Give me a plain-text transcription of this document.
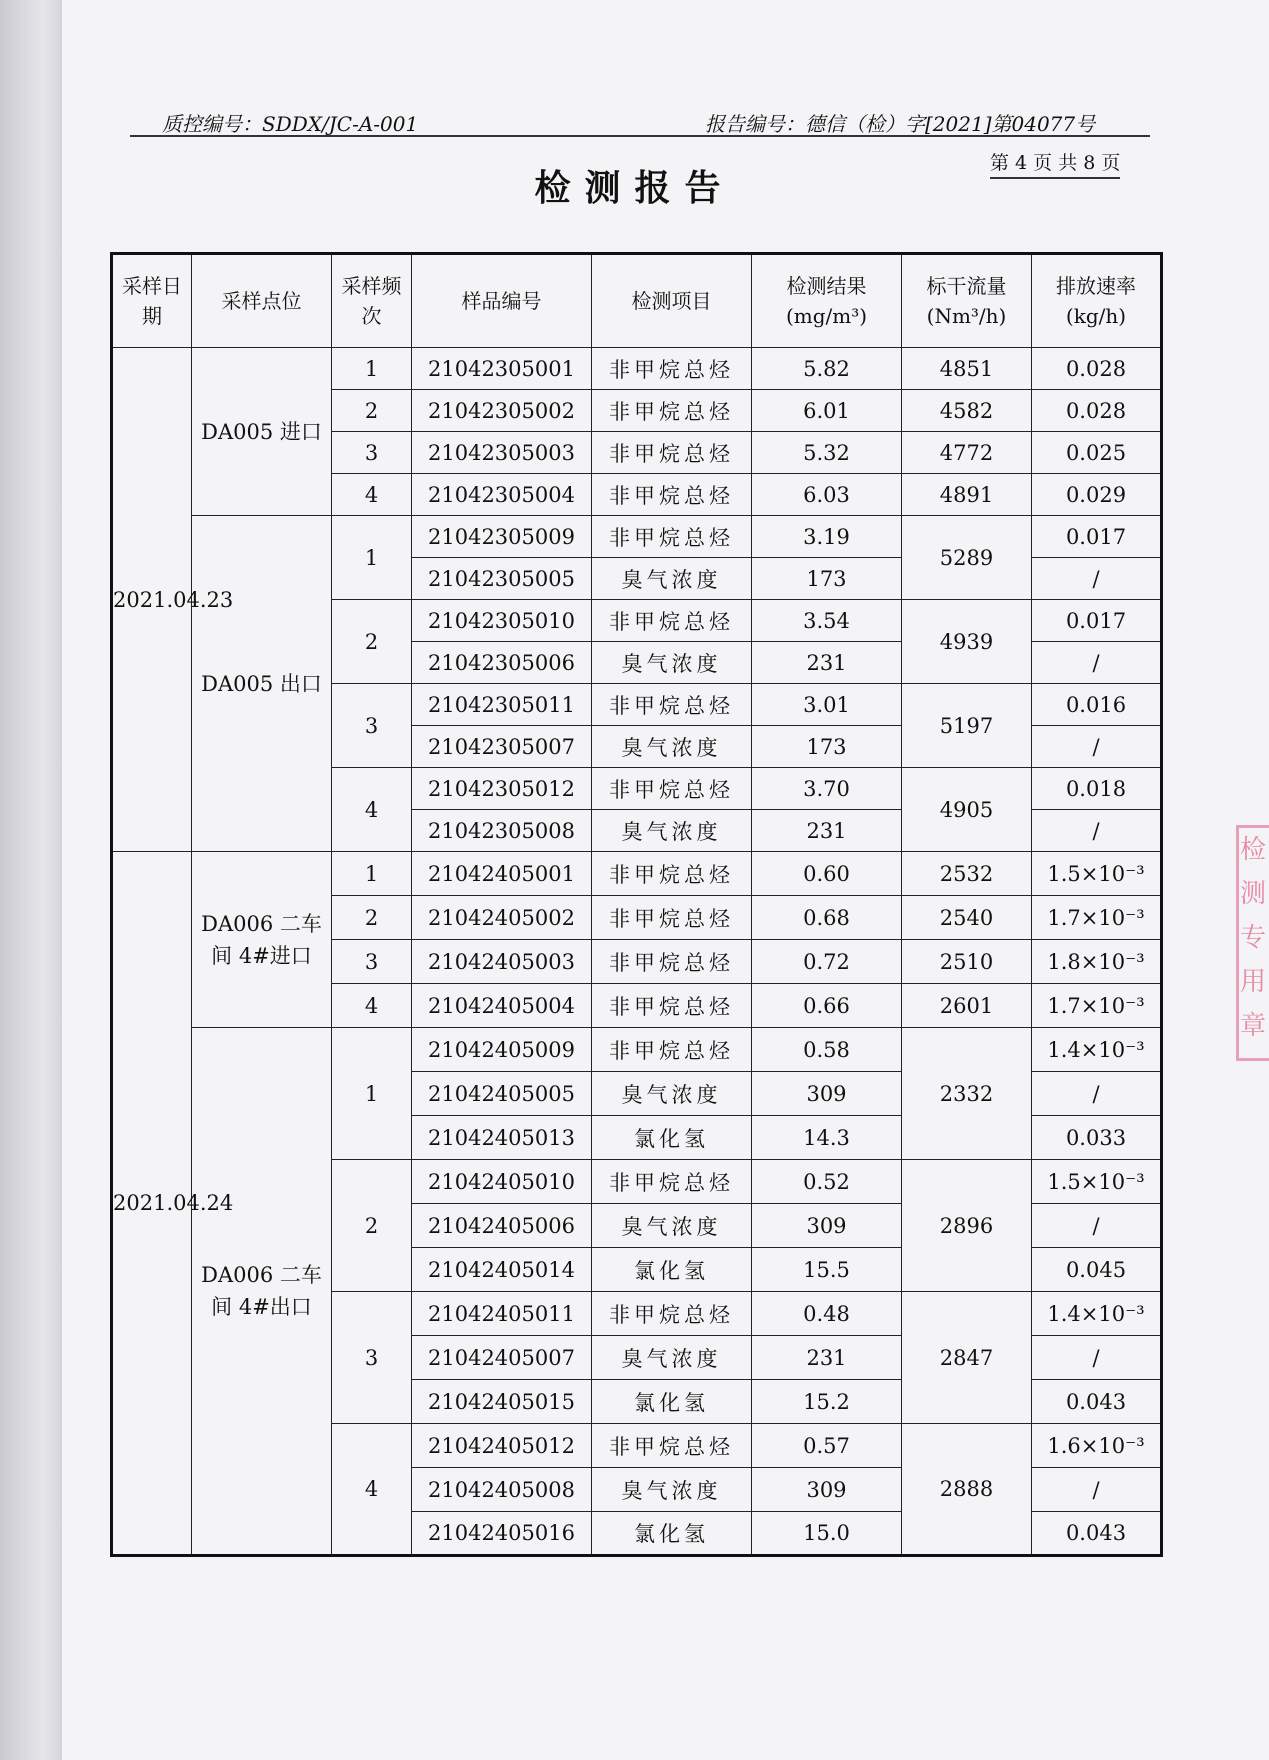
质控编号：SDDX/JC-A-001	报告编号：德信（检）字[2021]第04077号
第 4 页 共 8 页
检测报告
采样日期	采样点位	采样频次	样品编号	检测项目	检测结果(mg/m³)	标干流量(Nm³/h)	排放速率(kg/h)
2021.04.23	DA005 进口	1	21042305001	非甲烷总烃	5.82	4851	0.028
		2	21042305002	非甲烷总烃	6.01	4582	0.028
		3	21042305003	非甲烷总烃	5.32	4772	0.025
		4	21042305004	非甲烷总烃	6.03	4891	0.029
	DA005 出口	1	21042305009	非甲烷总烃	3.19	5289	0.017
			21042305005	臭气浓度	173		/
		2	21042305010	非甲烷总烃	3.54	4939	0.017
			21042305006	臭气浓度	231		/
		3	21042305011	非甲烷总烃	3.01	5197	0.016
			21042305007	臭气浓度	173		/
		4	21042305012	非甲烷总烃	3.70	4905	0.018
			21042305008	臭气浓度	231		/
2021.04.24	DA006 二车间 4#进口	1	21042405001	非甲烷总烃	0.60	2532	1.5×10⁻³
		2	21042405002	非甲烷总烃	0.68	2540	1.7×10⁻³
		3	21042405003	非甲烷总烃	0.72	2510	1.8×10⁻³
		4	21042405004	非甲烷总烃	0.66	2601	1.7×10⁻³
	DA006 二车间 4#出口	1	21042405009	非甲烷总烃	0.58	2332	1.4×10⁻³
			21042405005	臭气浓度	309		/
			21042405013	氯化氢	14.3		0.033
		2	21042405010	非甲烷总烃	0.52	2896	1.5×10⁻³
			21042405006	臭气浓度	309		/
			21042405014	氯化氢	15.5		0.045
		3	21042405011	非甲烷总烃	0.48	2847	1.4×10⁻³
			21042405007	臭气浓度	231		/
			21042405015	氯化氢	15.2		0.043
		4	21042405012	非甲烷总烃	0.57	2888	1.6×10⁻³
			21042405008	臭气浓度	309		/
			21042405016	氯化氢	15.0		0.043
检测专用章
